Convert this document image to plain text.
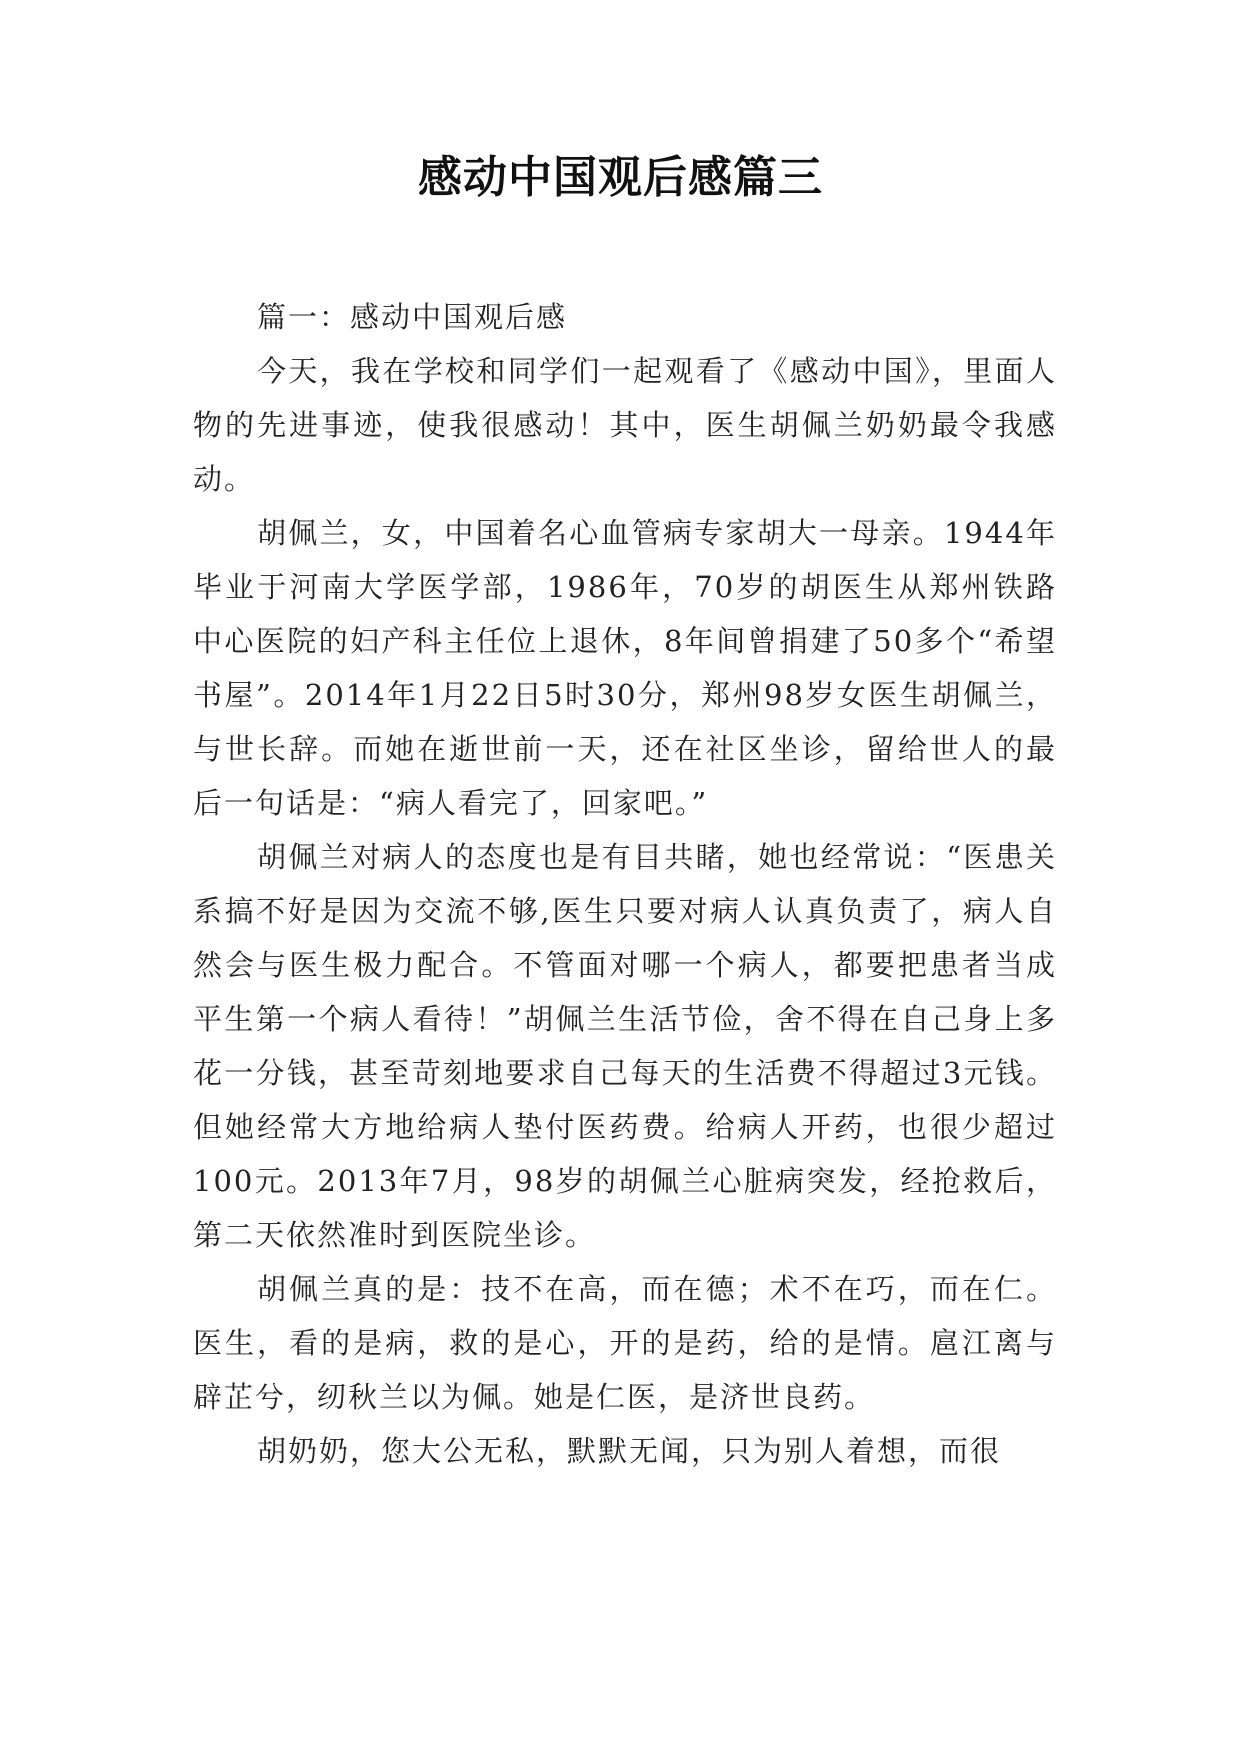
感动中国观后感篇三

篇一：感动中国观后感

今天，我在学校和同学们一起观看了《感动中国》，里面人物的先进事迹，使我很感动！其中，医生胡佩兰奶奶最令我感动。

胡佩兰，女，中国着名心血管病专家胡大一母亲。1944年毕业于河南大学医学部，1986年，70岁的胡医生从郑州铁路中心医院的妇产科主任位上退休，8年间曾捐建了50多个“希望书屋”。2014年1月22日5时30分，郑州98岁女医生胡佩兰，与世长辞。而她在逝世前一天，还在社区坐诊，留给世人的最后一句话是：“病人看完了，回家吧。”

胡佩兰对病人的态度也是有目共睹，她也经常说：“医患关系搞不好是因为交流不够,医生只要对病人认真负责了，病人自然会与医生极力配合。不管面对哪一个病人，都要把患者当成平生第一个病人看待！”胡佩兰生活节俭，舍不得在自己身上多花一分钱，甚至苛刻地要求自己每天的生活费不得超过3元钱。但她经常大方地给病人垫付医药费。给病人开药，也很少超过100元。2013年7月，98岁的胡佩兰心脏病突发，经抢救后，第二天依然准时到医院坐诊。

胡佩兰真的是：技不在高，而在德；术不在巧，而在仁。医生，看的是病，救的是心，开的是药，给的是情。扈江离与辟芷兮，纫秋兰以为佩。她是仁医，是济世良药。

胡奶奶，您大公无私，默默无闻，只为别人着想，而很
